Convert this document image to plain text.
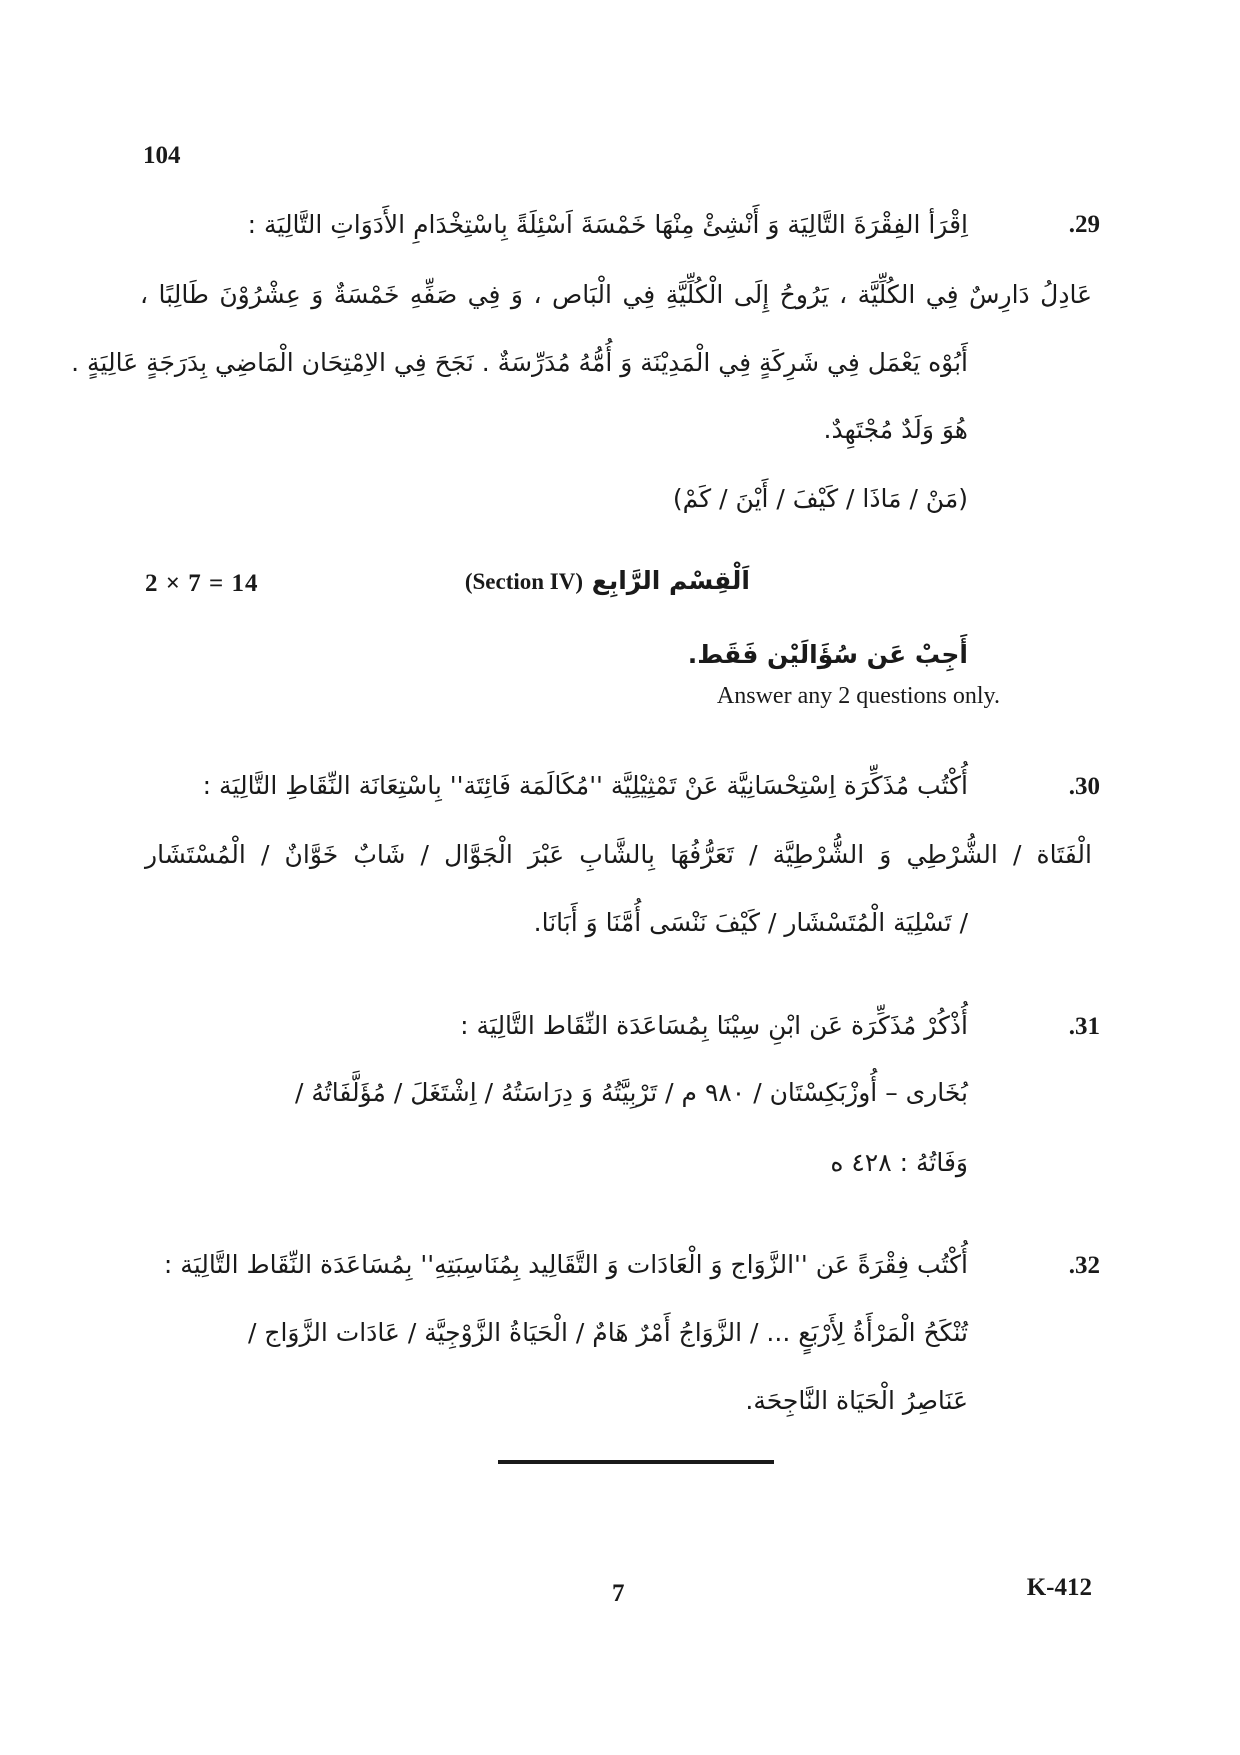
104
.29
اِقْرَأ الفِقْرَةَ التَّالِيَة وَ أَنْشِئْ مِنْهَا خَمْسَةَ اَسْئِلَةً بِاسْتِخْدَامِ الأَدَوَاتِ التَّالِيَة :
عَادِلُ دَارِسٌ فِي الكُلِّيَّة ، يَرُوحُ إِلَى الْكُلِّيَّةِ فِي الْبَاص ، وَ فِي صَفِّهِ خَمْسَةٌ وَ عِشْرُوْنَ طَالِبًا ،
أَبُوْه يَعْمَل فِي شَرِكَةٍ فِي الْمَدِيْنَة وَ أُمُّهُ مُدَرِّسَةٌ . نَجَحَ فِي الاِمْتِحَان الْمَاضِي بِدَرَجَةٍ عَالِيَةٍ .
هُوَ وَلَدٌ مُجْتَهِدٌ.
(مَنْ / مَاذَا / كَيْفَ / أَيْنَ / كَمْ)
2 × 7 = 14	اَلْقِسْم الرَّابِع (Section IV)
أَجِبْ عَن سُؤَالَيْن فَقَط.
Answer any 2 questions only.
.30
أُكْتُب مُذَكِّرَة اِسْتِحْسَانِيَّة عَنْ تَمْثِيْلِيَّة ''مُكَالَمَة فَائِتَة'' بِاسْتِعَانَة النِّقَاطِ التَّالِيَة :
الْفَتَاة / الشُّرْطِي وَ الشُّرْطِيَّة / تَعَرُّفُهَا بِالشَّابِ عَبْرَ الْجَوَّال / شَابٌ خَوَّانٌ / الْمُسْتَشَار
/ تَسْلِيَة الْمُتَسْشَار / كَيْفَ نَنْسَى أُمَّنَا وَ أَبَانَا.
.31
أُذْكُرْ مُذَكِّرَة عَن ابْنِ سِيْنَا بِمُسَاعَدَة النِّقَاط التَّالِيَة :
بُخَارى – أُوزْبَكِسْتَان / ٩٨٠ م / تَرْبِيَّتُهُ وَ دِرَاسَتُهُ / اِشْتَغَلَ / مُؤَلَّفَاتُهُ /
وَفَاتُهُ : ٤٢٨ ه
.32
أُكْتُب فِقْرَةً عَن ''الزَّوَاج وَ الْعَادَات وَ التَّقَالِيد بِمُنَاسِبَتِهِ'' بِمُسَاعَدَة النِّقَاط التَّالِيَة :
تُنْكَحُ الْمَرْأَةُ لِأَرْبَعٍ ... / الزَّوَاجُ أَمْرٌ هَامٌ / الْحَيَاةُ الزَّوْجِيَّة / عَادَات الزَّوَاج /
عَنَاصِرُ الْحَيَاة النَّاجِحَة.
7	K-412
